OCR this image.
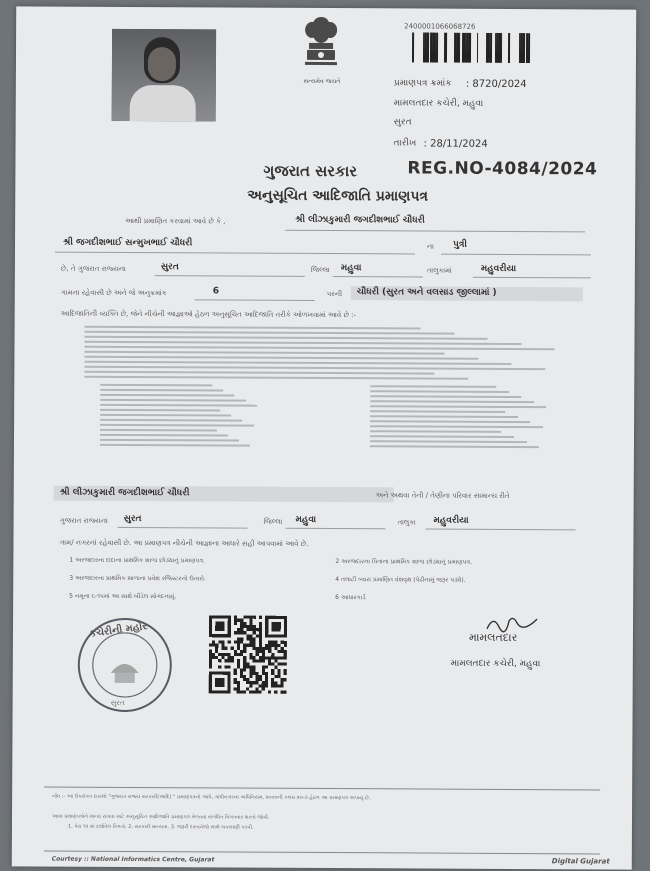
સત્યમેવ જયતે
2400001066068726
પ્રમાણપત્ર ક્રમાંક : 8720/2024
મામલતદાર કચેરી, મહુવા
સુરત
તારીખ : 28/11/2024
ગુજરાત સરકાર	REG.NO-4084/2024
અનુસૂચિત આદિજાતિ પ્રમાણપત્ર
આથી પ્રમાણિત કરવામાં આવે છે કે ,	શ્રી લીઝાકુમારી જગદીશભાઈ ચૌધરી
શ્રી જગદીશભાઈ સન્મુખભાઈ ચૌધરી	ના પુત્રી
છે, તે ગુજરાત રાજ્યના	સુરત	જિલ્લા મહુવા	તાલુકામાં	મહુવરીયા
ગામના રહેવાસી છે અને જે અનુક્રમાંક	6	પરની ચૌધરી (સુરત અને વલસાડ જીલ્લામાં )
આદિજાતિની વ્યક્તિ છે, જેને નીચેની આજ્ઞાઓ હેઠળ અનુસૂચિત આદિજાતિ તરીકે ઓળખવામાં આવે છે :-
શ્રી લીઝાકુમારી જગદીશભાઈ ચૌધરી	અને અથવા તેની / તેણીના પરિવાર સામાન્ય રીતે
ગુજરાત રાજ્યના સુરત	જિલ્લા મહુવા	તાલુકા મહુવરીયા
ગામ/ નગરનાં રહેવાસી છે. આ પ્રમાણપત્ર નીચેની આજ્ઞાના આધારે સહી આપવામાં આવે છે.
1 અરજદારના દાદાના પ્રાથમિક શાળા છોડ્યાનું પ્રમાણપત્ર.	2 અરજદારના પિતાના પ્રાથમિક શાળા છોડ્યાનું પ્રમાણપત્ર.
3 અરજદારના પ્રાથમિક શાળાના પ્રવેશ રજિસ્ટરનો ઉતારો.	4 તલાટી બ્વારા પ્રમાણિત વંશવૃક્ષ (પેઢીનામું જરૂર પડ્યે).
5 નમૂના ૬-૧૫માં આ સાથે બીડેલ સોગંદનામું.	6 આધારકાર્ડ
કચેરીની મહોર
સુરત
મામલતદાર
મામલતદાર કચેરી, મહુવા
નોંધ :- આ ઉપરોક્ત દાખલો "ગુજરાત રાજ્ય સરકારી(આદિ) " પ્રમાણપત્રનો આધે, ગાંધીનગરના અધિનિયમ, ૨૦૦૦ની કલમ ૨૦-૩ હેઠળ આ પ્રમાણપત્ર અપાયું છે.
આવા પ્રમાણપત્રોને માન્ય રાખવા માટે અનુસૂચિત આદિજાતિ પ્રમાણપત્ર મેળવવા સંબંધિત વિગતવાર શરતો જોવી.
1. પેરા ૧૨ માં દર્શાવેલ વિગતો. 2. સરકારી માન્યતા. 3. જરૂરી દસ્તાવેજો સાથે ચકાસણી કરવી.
Courtesy :: National Informatics Centre, Gujarat	Digital Gujarat
